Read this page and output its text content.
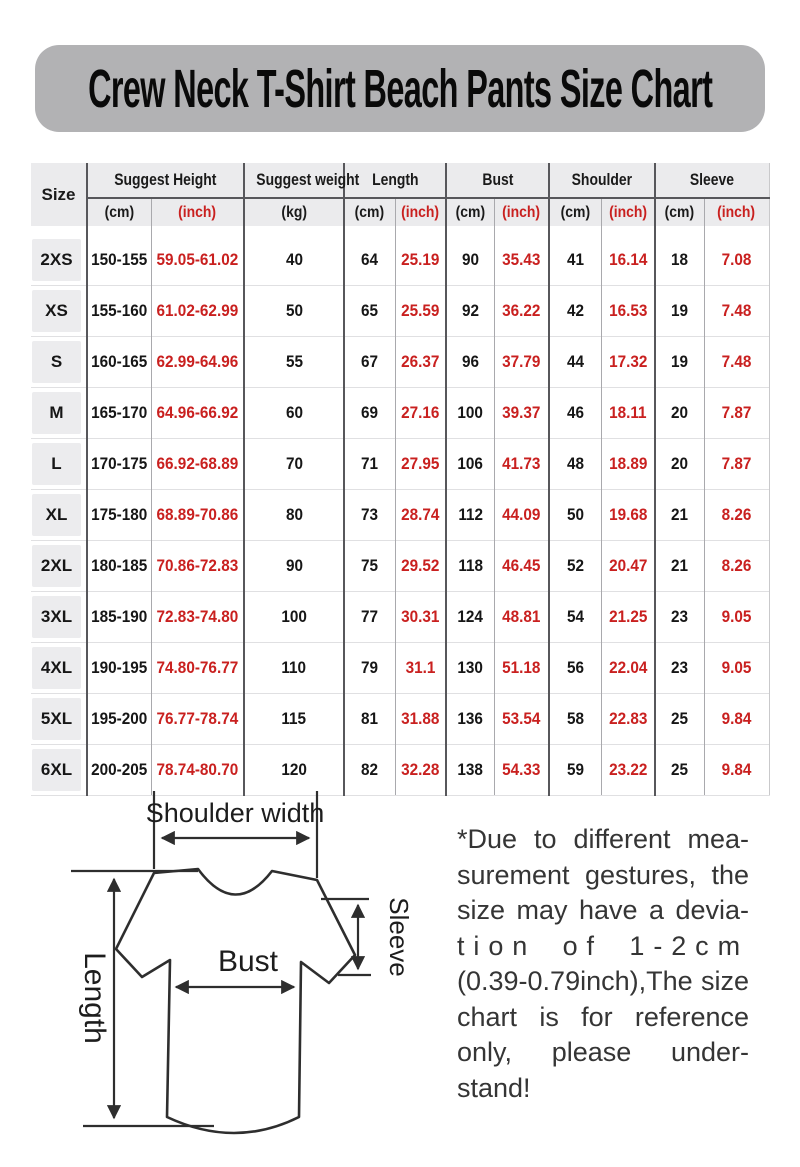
Crew Neck T-Shirt Beach Pants Size Chart
Size	Suggest Height		Suggest weight	Length		Bust		Shoulder		Sleeve	
	(cm)	(inch)	(kg)	(cm)	(inch)	(cm)	(inch)	(cm)	(inch)	(cm)	(inch)

2XS	150-155	59.05-61.02	40	64	25.19	90	35.43	41	16.14	18	7.08

XS	155-160	61.02-62.99	50	65	25.59	92	36.22	42	16.53	19	7.48

S	160-165	62.99-64.96	55	67	26.37	96	37.79	44	17.32	19	7.48

M	165-170	64.96-66.92	60	69	27.16	100	39.37	46	18.11	20	7.87

L	170-175	66.92-68.89	70	71	27.95	106	41.73	48	18.89	20	7.87

XL	175-180	68.89-70.86	80	73	28.74	112	44.09	50	19.68	21	8.26

2XL	180-185	70.86-72.83	90	75	29.52	118	46.45	52	20.47	21	8.26

3XL	185-190	72.83-74.80	100	77	30.31	124	48.81	54	21.25	23	9.05

4XL	190-195	74.80-76.77	110	79	31.1	130	51.18	56	22.04	23	9.05

5XL	195-200	76.77-78.74	115	81	31.88	136	53.54	58	22.83	25	9.84

6XL	200-205	78.74-80.70	120	82	32.28	138	54.33	59	23.22	25	9.84
Shoulder width
Length	Bust	Sleeve
*Due to different mea-
surement gestures, the
size may have a devia-
tion of 1-2cm
(0.39-0.79inch),The size
chart is for reference
only, please under-
stand!
